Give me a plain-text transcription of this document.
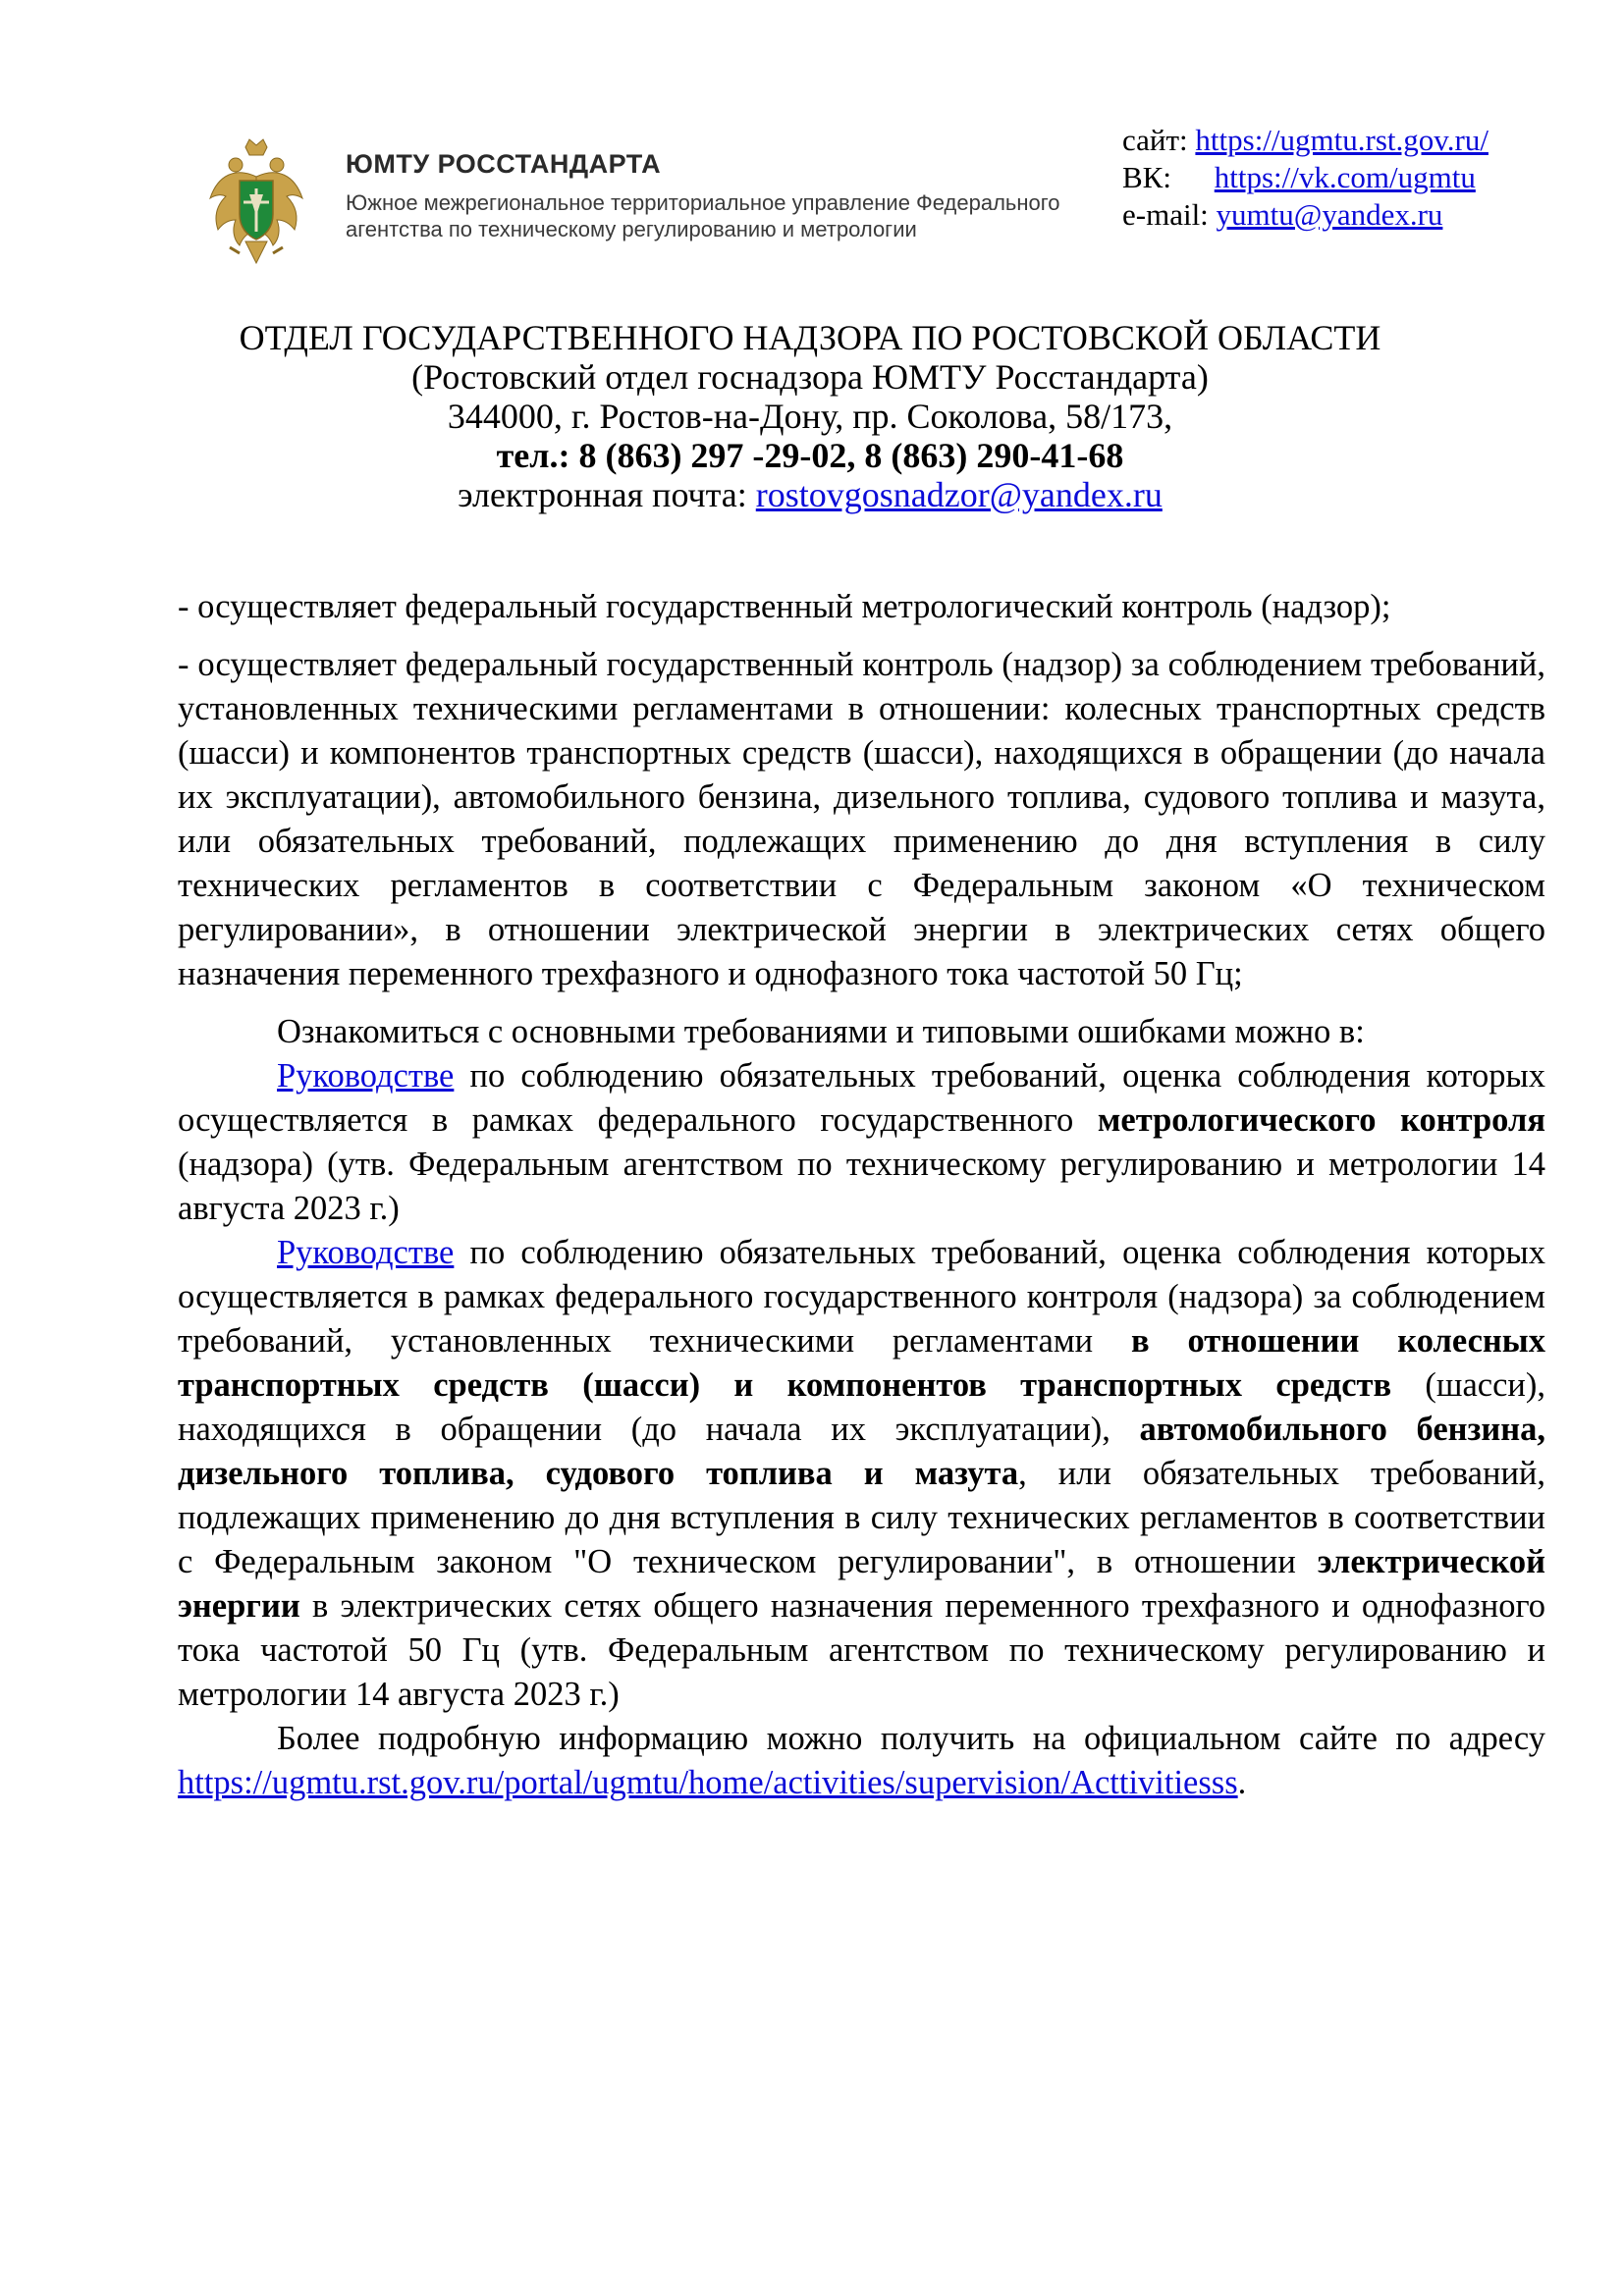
ЮМТУ РОССТАНДАРТА
Южное межрегиональное территориальное управление Федерального
агентства по техническому регулированию и метрологии
сайт: https://ugmtu.rst.gov.ru/
ВК: https://vk.com/ugmtu
e-mail: yumtu@yandex.ru
ОТДЕЛ ГОСУДАРСТВЕННОГО НАДЗОРА ПО РОСТОВСКОЙ ОБЛАСТИ
(Ростовский отдел госнадзора ЮМТУ Росстандарта)
344000, г. Ростов-на-Дону, пр. Соколова, 58/173,
тел.: 8 (863) 297 -29-02, 8 (863) 290-41-68
электронная почта: rostovgosnadzor@yandex.ru

- осуществляет федеральный государственный метрологический контроль (надзор);

- осуществляет федеральный государственный контроль (надзор) за соблюдением требований, установленных техническими регламентами в отношении: колесных транспортных средств (шасси) и компонентов транспортных средств (шасси), находящихся в обращении (до начала их эксплуатации), автомобильного бензина, дизельного топлива, судового топлива и мазута, или обязательных требований, подлежащих применению до дня вступления в силу технических регламентов в соответствии с Федеральным законом «О техническом регулировании», в отношении электрической энергии в электрических сетях общего назначения переменного трехфазного и однофазного тока частотой 50 Гц;

Ознакомиться с основными требованиями и типовыми ошибками можно в:

Руководстве по соблюдению обязательных требований, оценка соблюдения которых осуществляется в рамках федерального государственного метрологического контроля (надзора) (утв. Федеральным агентством по техническому регулированию и метрологии 14 августа 2023 г.)

Руководстве по соблюдению обязательных требований, оценка соблюдения которых осуществляется в рамках федерального государственного контроля (надзора) за соблюдением требований, установленных техническими регламентами в отношении колесных транспортных средств (шасси) и компонентов транспортных средств (шасси), находящихся в обращении (до начала их эксплуатации), автомобильного бензина, дизельного топлива, судового топлива и мазута, или обязательных требований, подлежащих применению до дня вступления в силу технических регламентов в соответствии с Федеральным законом "О техническом регулировании", в отношении электрической энергии в электрических сетях общего назначения переменного трехфазного и однофазного тока частотой 50 Гц (утв. Федеральным агентством по техническому регулированию и метрологии 14 августа 2023 г.)

Более подробную информацию можно получить на официальном сайте по адресу https://ugmtu.rst.gov.ru/portal/ugmtu/home/activities/supervision/Acttivitiesss.
